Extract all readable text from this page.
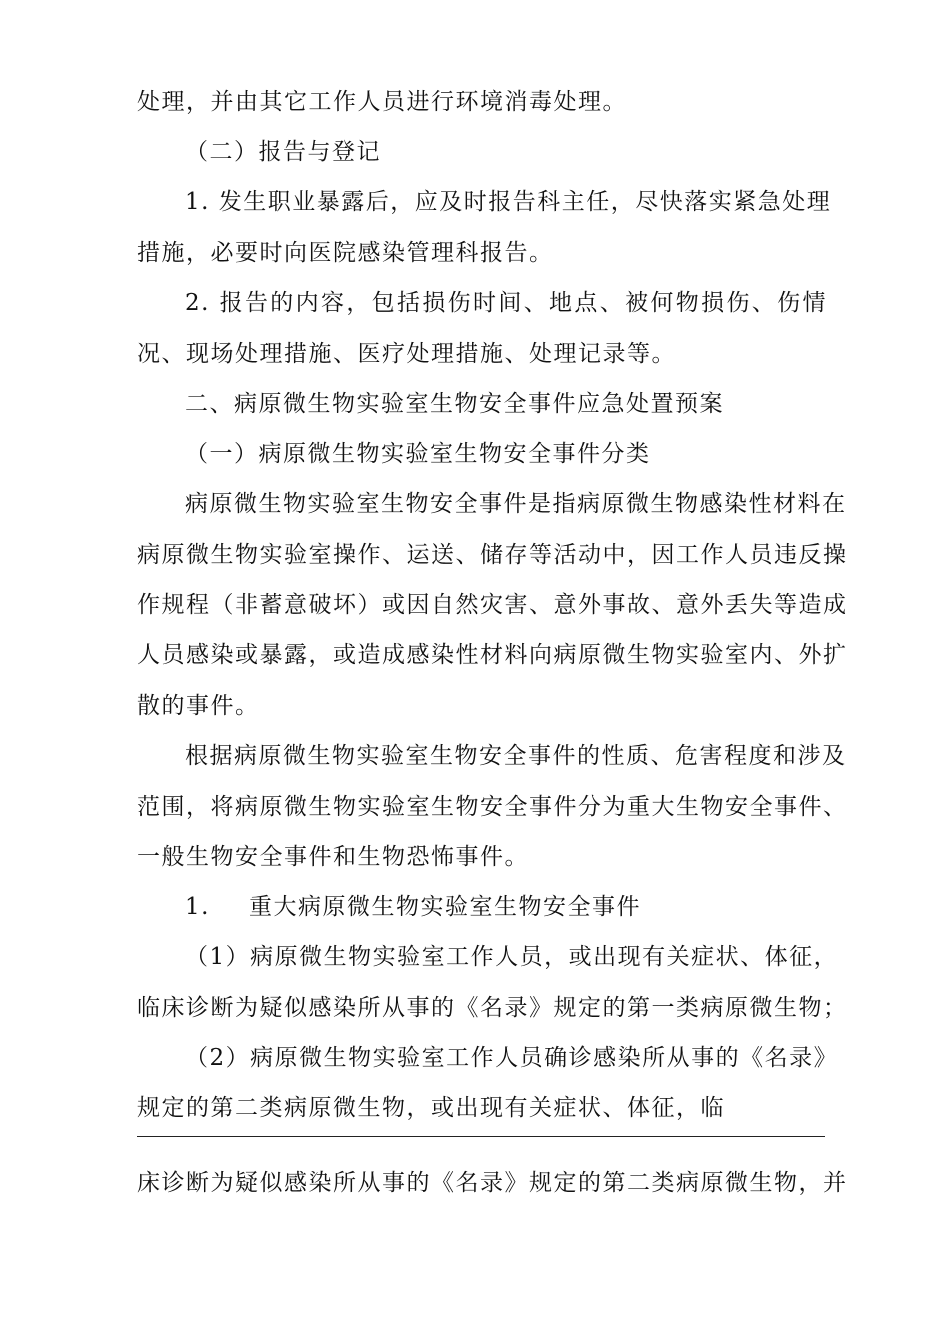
处理，并由其它工作人员进行环境消毒处理。
（二）报告与登记
1. 发生职业暴露后，应及时报告科主任，尽快落实紧急处理
措施，必要时向医院感染管理科报告。
2. 报告的内容，包括损伤时间、地点、被何物损伤、伤情
况、现场处理措施、医疗处理措施、处理记录等。
二、病原微生物实验室生物安全事件应急处置预案
（一）病原微生物实验室生物安全事件分类
病原微生物实验室生物安全事件是指病原微生物感染性材料在
病原微生物实验室操作、运送、储存等活动中，因工作人员违反操
作规程（非蓄意破坏）或因自然灾害、意外事故、意外丢失等造成
人员感染或暴露，或造成感染性材料向病原微生物实验室内、外扩
散的事件。
根据病原微生物实验室生物安全事件的性质、危害程度和涉及
范围，将病原微生物实验室生物安全事件分为重大生物安全事件、
一般生物安全事件和生物恐怖事件。
1. 重大病原微生物实验室生物安全事件
（1）病原微生物实验室工作人员，或出现有关症状、体征，
临床诊断为疑似感染所从事的《名录》规定的第一类病原微生物；
（2）病原微生物实验室工作人员确诊感染所从事的《名录》
规定的第二类病原微生物，或出现有关症状、体征，临
床诊断为疑似感染所从事的《名录》规定的第二类病原微生物，并
